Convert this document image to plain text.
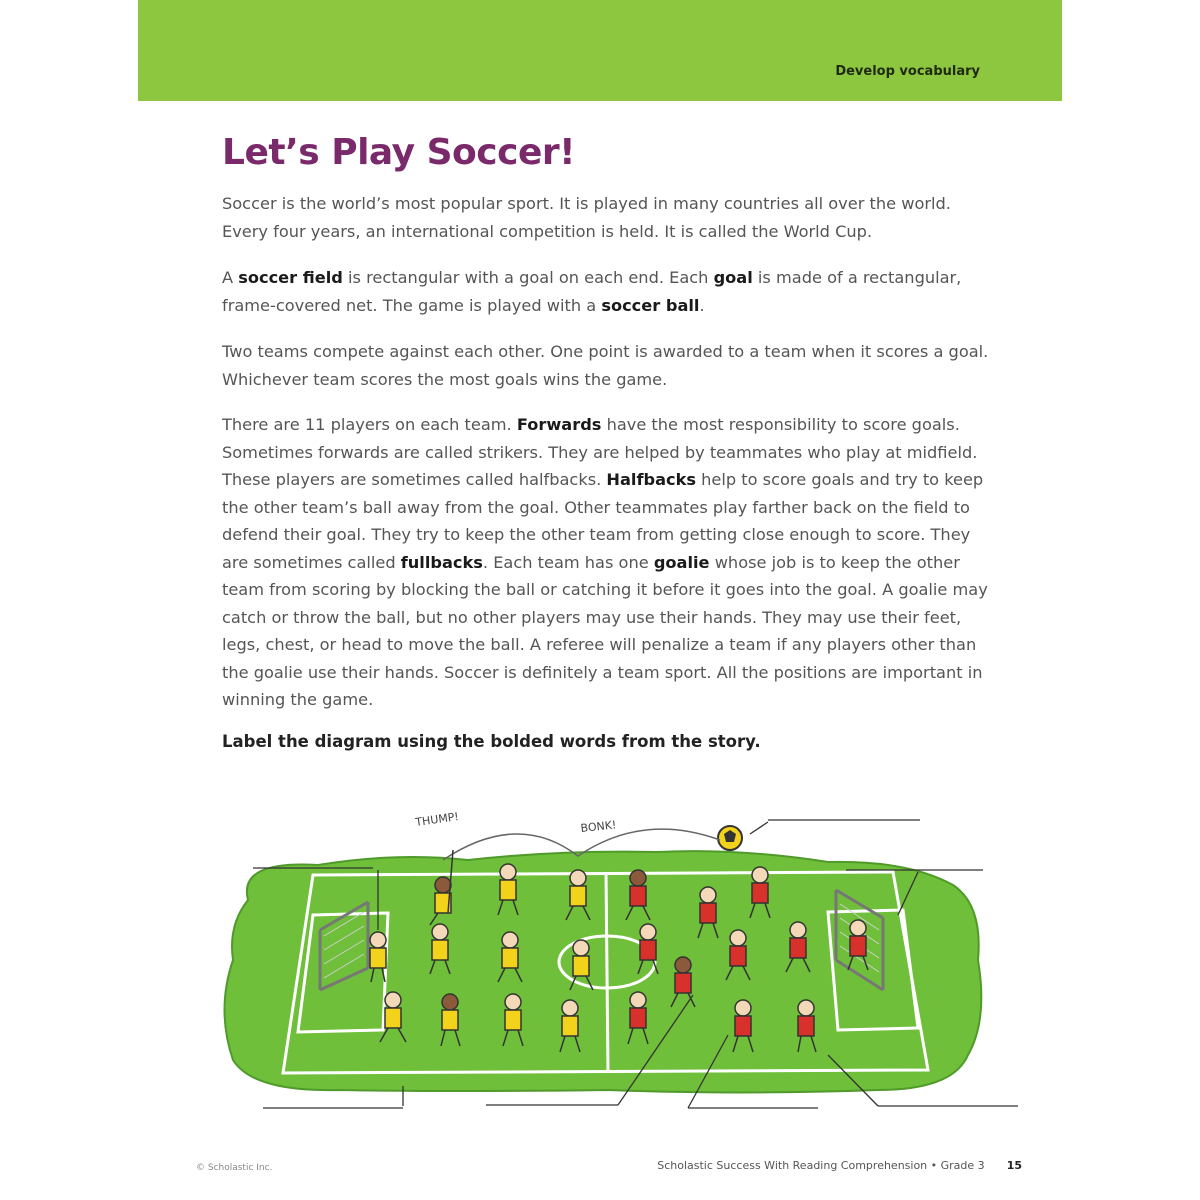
Develop vocabulary
Let’s Play Soccer!
Soccer is the world’s most popular sport. It is played in many countries all over the world. Every four years, an international competition is held. It is called the World Cup.
A soccer field is rectangular with a goal on each end. Each goal is made of a rectangular, frame-covered net. The game is played with a soccer ball.
Two teams compete against each other. One point is awarded to a team when it scores a goal. Whichever team scores the most goals wins the game.
There are 11 players on each team. Forwards have the most responsibility to score goals. Sometimes forwards are called strikers. They are helped by teammates who play at midfield. These players are sometimes called halfbacks. Halfbacks help to score goals and try to keep the other team’s ball away from the goal. Other teammates play farther back on the field to defend their goal. They try to keep the other team from getting close enough to score. They are sometimes called fullbacks. Each team has one goalie whose job is to keep the other team from scoring by blocking the ball or catching it before it goes into the goal. A goalie may catch or throw the ball, but no other players may use their hands. They may use their feet, legs, chest, or head to move the ball. A referee will penalize a team if any players other than the goalie use their hands. Soccer is definitely a team sport. All the positions are important in winning the game.
Label the diagram using the bolded words from the story.
THUMP!	BONK!
© Scholastic Inc.	Scholastic Success With Reading Comprehension • Grade 3 15
